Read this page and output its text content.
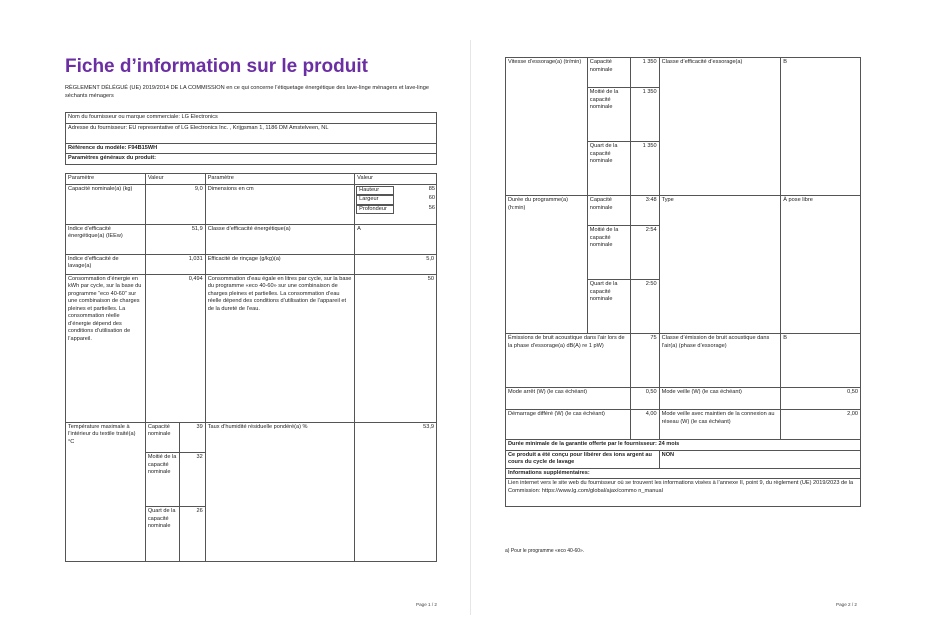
Fiche d’information sur le produit
RÈGLEMENT DÉLÉGUÉ (UE) 2019/2014 DE LA COMMISSION en ce qui concerne l’étiquetage énergétique des lave-linge ménagers et lave-linge séchants ménagers
Nom du fournisseur ou marque commerciale: LG Electronics
Adresse du fournisseur: EU representative of LG Electronics Inc. , Krijgsman 1, 1186 DM Amstelveen, NL
Référence du modèle: F94B15WH
Paramètres généraux du produit:
Paramètre	Valeur	Paramètre	Valeur
Capacité nominale(a) (kg)	9,0	Dimensions en cm	Hauteur	85
Largeur	60
Profondeur	56

Indice d’efficacité énergétique(a) (IEEw)	51,9	Classe d’efficacité énergétique(a)	A
Indice d’efficacité de lavage(a)	1,031	Efficacité de rinçage (g/kg)(a)	5,0
Consommation d’énergie en kWh par cycle, sur la base du programme “eco 40-60” sur une combinaison de charges pleines et partielles. La consommation réelle d’énergie dépend des conditions d’utilisation de l’appareil.	0,494	Consommation d’eau égale en litres par cycle, sur la base du programme «eco 40-60» sur une combinaison de charges pleines et partielles. La consommation d’eau réelle dépend des conditions d’utilisation de l’appareil et de la dureté de l’eau.	50
Température maximale à l’intérieur du textile traité(a) °C	
Capacité nominale	39
Moitié de la capacité nominale	32
Quart de la capacité nominale	26
	Taux d’humidité résiduelle pondéré(a) %	53,9
Page 1 / 2
Vitesse d’essorage(a) (tr/min)	Capacité nominale	1 350	Classe d’efficacité d’essorage(a)	B
	Moitié de la capacité nominale	1 350		
	Quart de la capacité nominale	1 350		
Durée du programme(a) (h:min)	Capacité nominale	3:48	Type	À pose libre
	Moitié de la capacité nominale	2:54		
	Quart de la capacité nominale	2:50		
Émissions de bruit acoustique dans l’air lors de la phase d’essorage(a) dB(A) re 1 pW)		75	Classe d’émission de bruit acoustique dans l’air(a) (phase d’essorage)	B
Mode arrêt (W) (le cas échéant)		0,50	Mode veille (W) (le cas échéant)	0,50
Démarrage différé (W) (le cas échéant)		4,00	Mode veille avec maintien de la connexion au réseau (W) (le cas échéant)	2,00
Durée minimale de la garantie offerte par le fournisseur: 24 mois				
Ce produit a été conçu pour libérer des ions argent au cours du cycle de lavage			NON	
Informations supplémentaires:				
Lien internet vers le site web du fournisseur où se trouvent les informations visées à l’annexe II, point 9, du règlement (UE) 2019/2023 de la Commission: https://www.lg.com/global/ajax/commo n_manual				
a) Pour le programme «eco 40-60».
Page 2 / 2
